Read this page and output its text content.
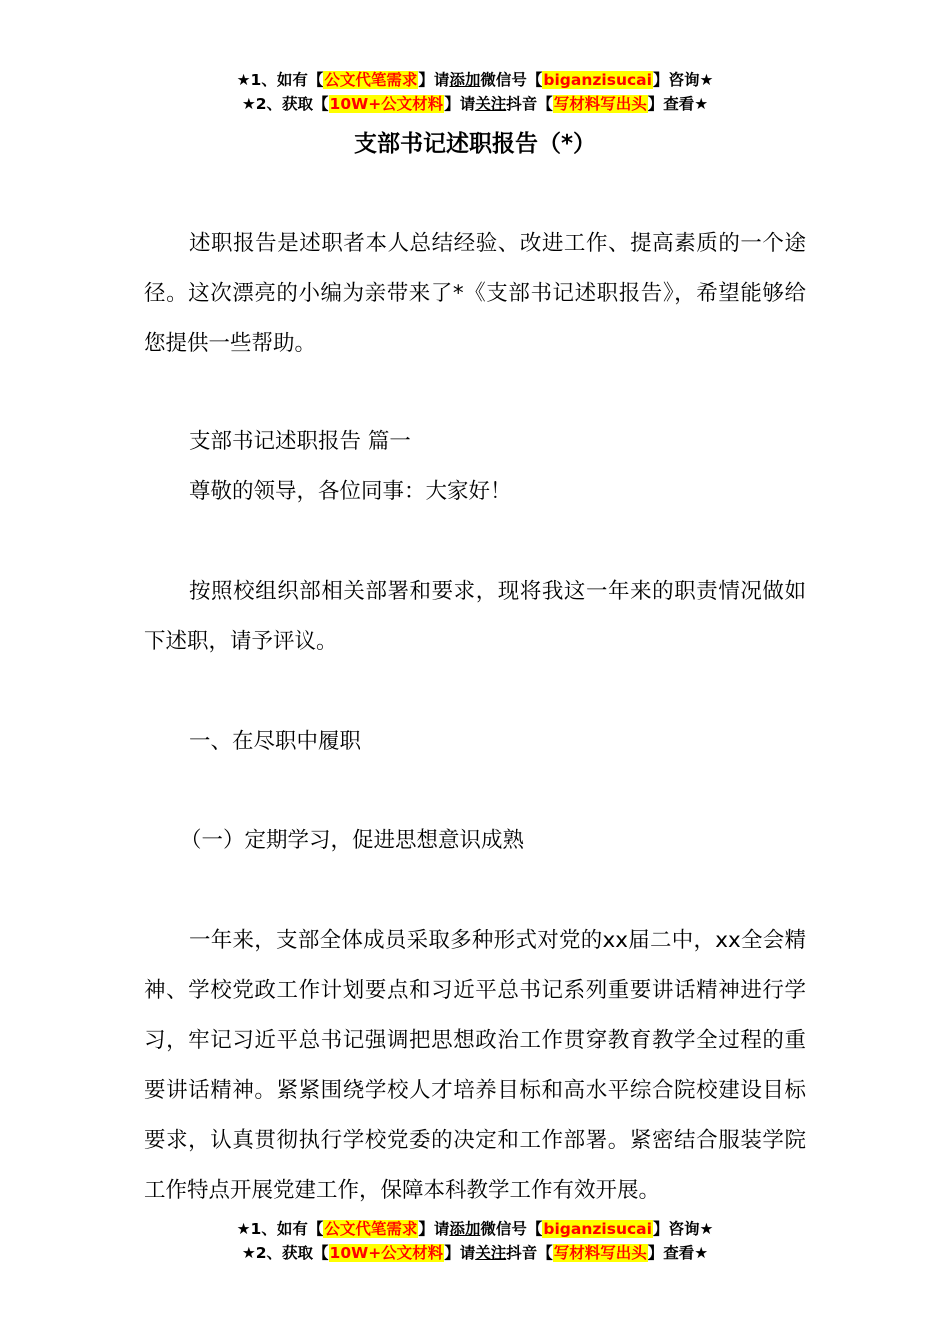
★1、如有【公文代笔需求】请添加微信号【biganzisucai】咨询★
★2、获取【10W+公文材料】请关注抖音【写材料写出头】查看★
支部书记述职报告（*）

述职报告是述职者本人总结经验、改进工作、提高素质的一个途径。这次漂亮的小编为亲带来了*《支部书记述职报告》，希望能够给您提供一些帮助。

支部书记述职报告 篇一

尊敬的领导，各位同事：大家好！

按照校组织部相关部署和要求，现将我这一年来的职责情况做如下述职，请予评议。

一、在尽职中履职

（一）定期学习，促进思想意识成熟

一年来，支部全体成员采取多种形式对党的xx届二中，xx全会精神、学校党政工作计划要点和习近平总书记系列重要讲话精神进行学习，牢记习近平总书记强调把思想政治工作贯穿教育教学全过程的重要讲话精神。紧紧围绕学校人才培养目标和高水平综合院校建设目标要求，认真贯彻执行学校党委的决定和工作部署。紧密结合服装学院工作特点开展党建工作，保障本科教学工作有效开展。

★1、如有【公文代笔需求】请添加微信号【biganzisucai】咨询★
★2、获取【10W+公文材料】请关注抖音【写材料写出头】查看★
